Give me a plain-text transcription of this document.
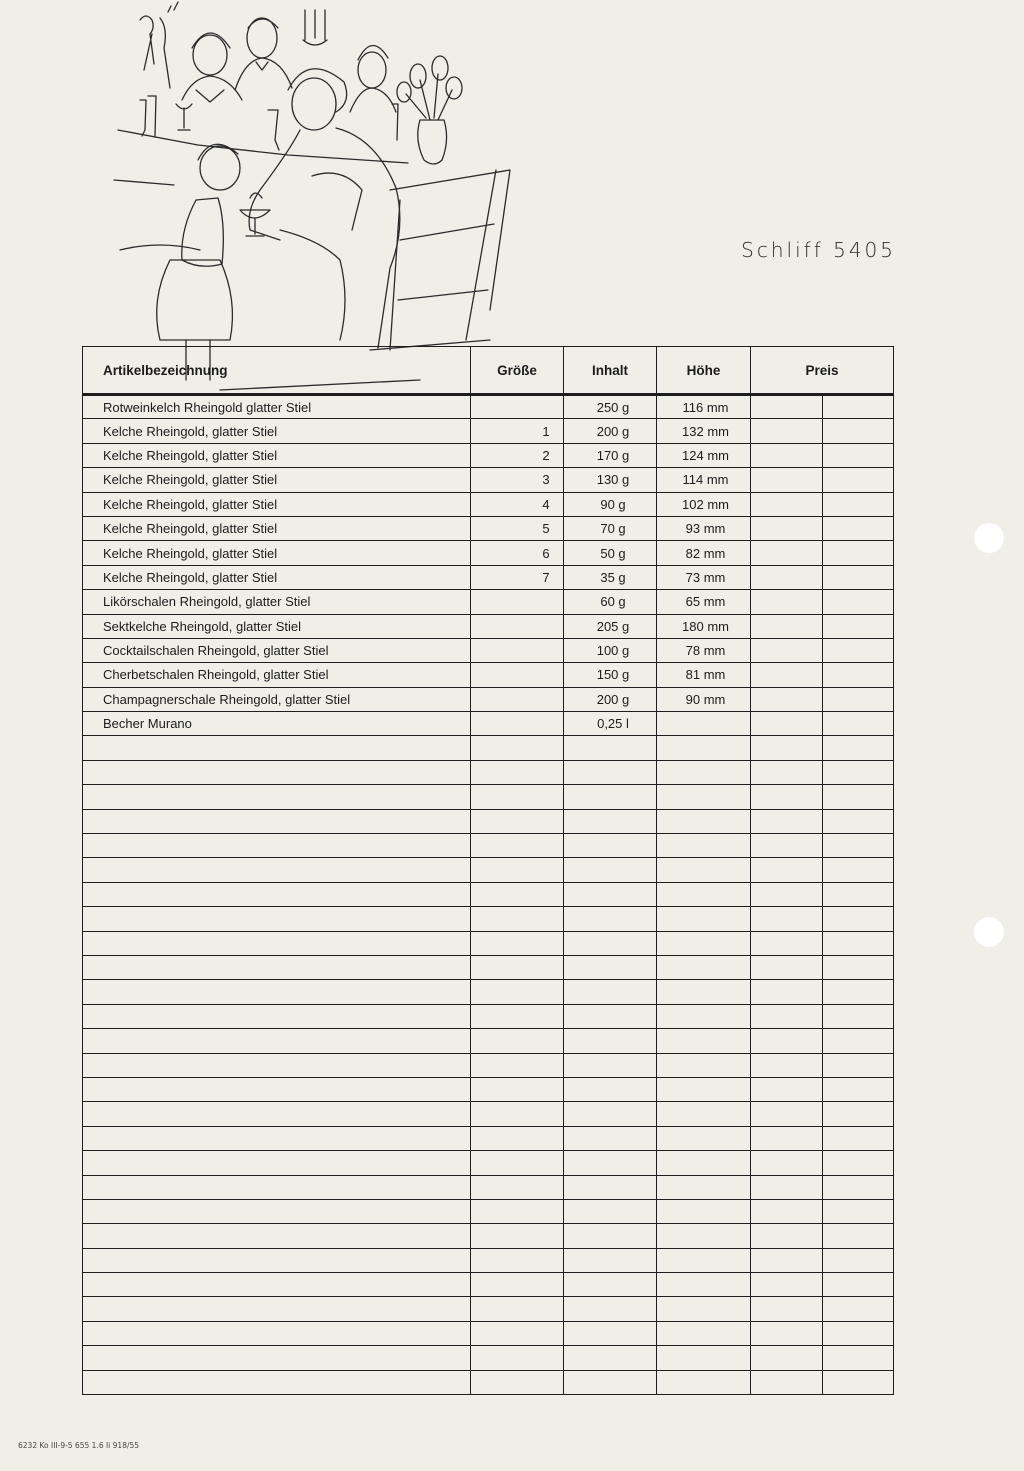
Schliff 5405
Artikelbezeichnung	Größe	Inhalt	Höhe	Preis	
Rotweinkelch Rheingold glatter Stiel		250 g	116 mm		
Kelche Rheingold, glatter Stiel	1	200 g	132 mm		
Kelche Rheingold, glatter Stiel	2	170 g	124 mm		
Kelche Rheingold, glatter Stiel	3	130 g	114 mm		
Kelche Rheingold, glatter Stiel	4	90 g	102 mm		
Kelche Rheingold, glatter Stiel	5	70 g	93 mm		
Kelche Rheingold, glatter Stiel	6	50 g	82 mm		
Kelche Rheingold, glatter Stiel	7	35 g	73 mm		
Likörschalen Rheingold, glatter Stiel		60 g	65 mm		
Sektkelche Rheingold, glatter Stiel		205 g	180 mm		
Cocktailschalen Rheingold, glatter Stiel		100 g	78 mm		
Cherbetschalen Rheingold, glatter Stiel		150 g	81 mm		
Champagnerschale Rheingold, glatter Stiel		200 g	90 mm		
Becher Murano		0,25 l			

6232 Ko III-9-5 655 1.6 Ii 918/55
